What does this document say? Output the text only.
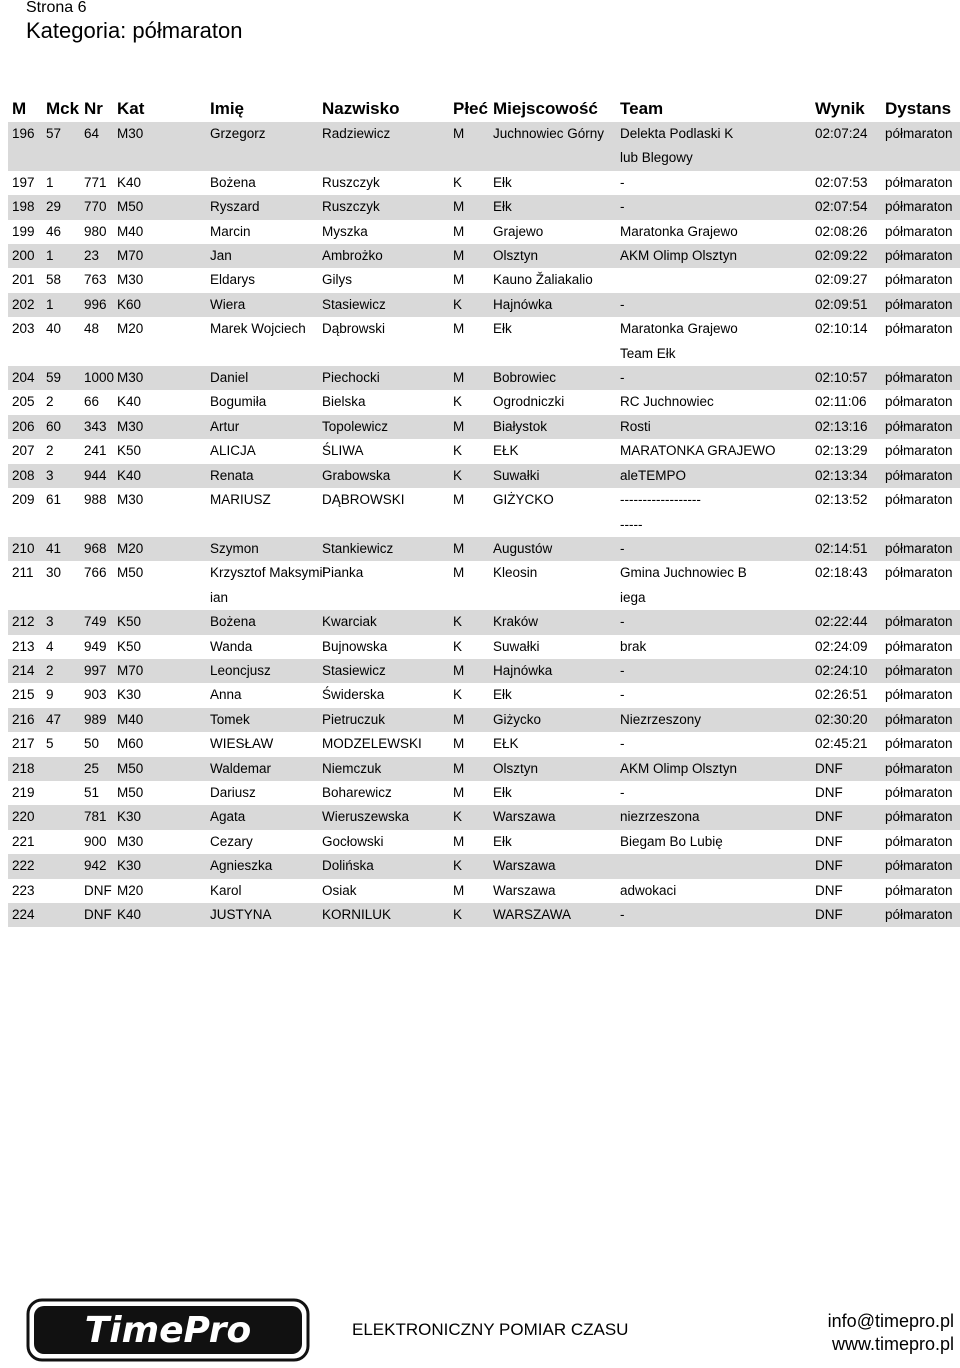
Strona 6
Kategoria: półmaraton
M	Mck	Nr	Kat	Imię	Nazwisko	Płeć	Miejscowość	Team	Wynik	Dystans
196	57	64	M30	Grzegorz	Radziewicz	M	Juchnowiec Górny	Delekta Podlaski K	02:07:24	półmaraton
								lub Blegowy		
197	1	771	K40	Bożena	Ruszczyk	K	Ełk	-	02:07:53	półmaraton
198	29	770	M50	Ryszard	Ruszczyk	M	Ełk	-	02:07:54	półmaraton
199	46	980	M40	Marcin	Myszka	M	Grajewo	Maratonka Grajewo	02:08:26	półmaraton
200	1	23	M70	Jan	Ambrożko	M	Olsztyn	AKM Olimp Olsztyn	02:09:22	półmaraton
201	58	763	M30	Eldarys	Gilys	M	Kauno Žaliakalio		02:09:27	półmaraton
202	1	996	K60	Wiera	Stasiewicz	K	Hajnówka	-	02:09:51	półmaraton
203	40	48	M20	Marek Wojciech	Dąbrowski	M	Ełk	Maratonka Grajewo	02:10:14	półmaraton
								Team Ełk		
204	59	1000	M30	Daniel	Piechocki	M	Bobrowiec	-	02:10:57	półmaraton
205	2	66	K40	Bogumiła	Bielska	K	Ogrodniczki	RC Juchnowiec	02:11:06	półmaraton
206	60	343	M30	Artur	Topolewicz	M	Białystok	Rosti	02:13:16	półmaraton
207	2	241	K50	ALICJA	ŚLIWA	K	EŁK	MARATONKA GRAJEWO	02:13:29	półmaraton
208	3	944	K40	Renata	Grabowska	K	Suwałki	aleTEMPO	02:13:34	półmaraton
209	61	988	M30	MARIUSZ	DĄBROWSKI	M	GIŻYCKO	------------------	02:13:52	półmaraton
								-----		
210	41	968	M20	Szymon	Stankiewicz	M	Augustów	-	02:14:51	półmaraton
211	30	766	M50	Krzysztof Maksymil	Pianka	M	Kleosin	Gmina Juchnowiec B	02:18:43	półmaraton
				ian				iega		
212	3	749	K50	Bożena	Kwarciak	K	Kraków	-	02:22:44	półmaraton
213	4	949	K50	Wanda	Bujnowska	K	Suwałki	brak	02:24:09	półmaraton
214	2	997	M70	Leoncjusz	Stasiewicz	M	Hajnówka	-	02:24:10	półmaraton
215	9	903	K30	Anna	Świderska	K	Ełk	-	02:26:51	półmaraton
216	47	989	M40	Tomek	Pietruczuk	M	Giżycko	Niezrzeszony	02:30:20	półmaraton
217	5	50	M60	WIESŁAW	MODZELEWSKI	M	EŁK	-	02:45:21	półmaraton
218		25	M50	Waldemar	Niemczuk	M	Olsztyn	AKM Olimp Olsztyn	DNF	półmaraton
219		51	M50	Dariusz	Boharewicz	M	Ełk	-	DNF	półmaraton
220		781	K30	Agata	Wieruszewska	K	Warszawa	niezrzeszona	DNF	półmaraton
221		900	M30	Cezary	Gocłowski	M	Ełk	Biegam Bo Lubię	DNF	półmaraton
222		942	K30	Agnieszka	Dolińska	K	Warszawa		DNF	półmaraton
223		DNF	M20	Karol	Osiak	M	Warszawa	adwokaci	DNF	półmaraton
224		DNF	K40	JUSTYNA	KORNILUK	K	WARSZAWA	-	DNF	półmaraton
TimePro	ELEKTRONICZNY POMIAR CZASU	info@timepro.pl
www.timepro.pl
